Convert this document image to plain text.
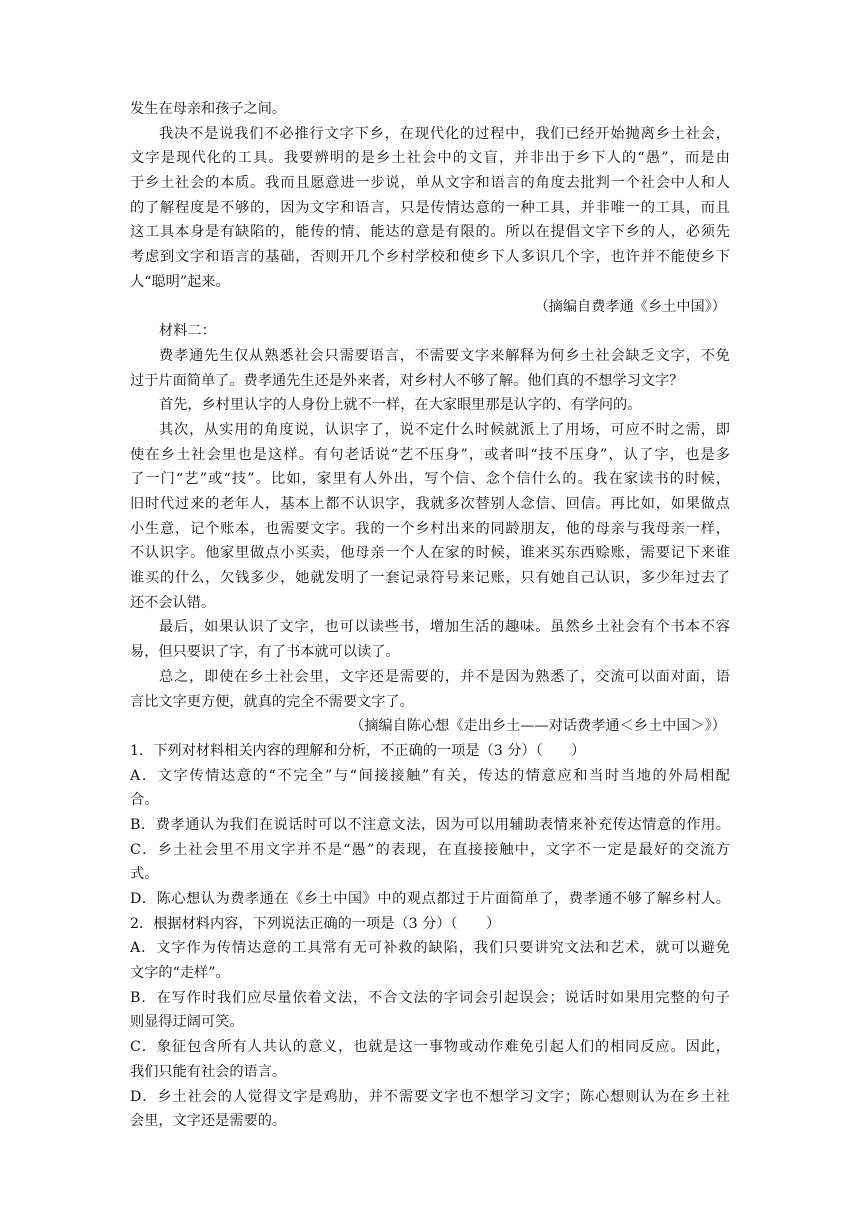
发生在母亲和孩子之间。
我决不是说我们不必推行文字下乡，在现代化的过程中，我们已经开始抛离乡土社会，
文字是现代化的工具。我要辨明的是乡土社会中的文盲，并非出于乡下人的“愚”，而是由
于乡土社会的本质。我而且愿意进一步说，单从文字和语言的角度去批判一个社会中人和人
的了解程度是不够的，因为文字和语言，只是传情达意的一种工具，并非唯一的工具，而且
这工具本身是有缺陷的，能传的情、能达的意是有限的。所以在提倡文字下乡的人，必须先
考虑到文字和语言的基础，否则开几个乡村学校和使乡下人多识几个字，也许并不能使乡下
人“聪明”起来。
（摘编自费孝通《乡土中国》）
材料二：
费孝通先生仅从熟悉社会只需要语言，不需要文字来解释为何乡土社会缺乏文字，不免
过于片面简单了。费孝通先生还是外来者，对乡村人不够了解。他们真的不想学习文字？
首先，乡村里认字的人身份上就不一样，在大家眼里那是认字的、有学问的。
其次，从实用的角度说，认识字了，说不定什么时候就派上了用场，可应不时之需，即
使在乡土社会里也是这样。有句老话说“艺不压身”，或者叫“技不压身”，认了字，也是多
了一门“艺”或“技”。比如，家里有人外出，写个信、念个信什么的。我在家读书的时候，
旧时代过来的老年人，基本上都不认识字，我就多次替别人念信、回信。再比如，如果做点
小生意，记个账本，也需要文字。我的一个乡村出来的同龄朋友，他的母亲与我母亲一样，
不认识字。他家里做点小买卖，他母亲一个人在家的时候，谁来买东西赊账，需要记下来谁
谁买的什么，欠钱多少，她就发明了一套记录符号来记账，只有她自己认识，多少年过去了
还不会认错。
最后，如果认识了文字，也可以读些书，增加生活的趣味。虽然乡土社会有个书本不容
易，但只要识了字，有了书本就可以读了。
总之，即使在乡土社会里，文字还是需要的，并不是因为熟悉了，交流可以面对面，语
言比文字更方便，就真的完全不需要文字了。
（摘编自陈心想《走出乡土——对话费孝通＜乡土中国＞》）
1．下列对材料相关内容的理解和分析，不正确的一项是（3 分）（　　）
A．文字传情达意的“不完全”与“间接接触”有关，传达的情意应和当时当地的外局相配
合。
B．费孝通认为我们在说话时可以不注意文法，因为可以用辅助表情来补充传达情意的作用。
C．乡土社会里不用文字并不是“愚”的表现，在直接接触中，文字不一定是最好的交流方
式。
D．陈心想认为费孝通在《乡土中国》中的观点都过于片面简单了，费孝通不够了解乡村人。
2．根据材料内容，下列说法正确的一项是（3 分）（　　）
A．文字作为传情达意的工具常有无可补救的缺陷，我们只要讲究文法和艺术，就可以避免
文字的“走样”。
B．在写作时我们应尽量依着文法，不合文法的字词会引起误会；说话时如果用完整的句子
则显得迂阔可笑。
C．象征包含所有人共认的意义，也就是这一事物或动作难免引起人们的相同反应。因此，
我们只能有社会的语言。
D．乡土社会的人觉得文字是鸡肋，并不需要文字也不想学习文字；陈心想则认为在乡土社
会里，文字还是需要的。
